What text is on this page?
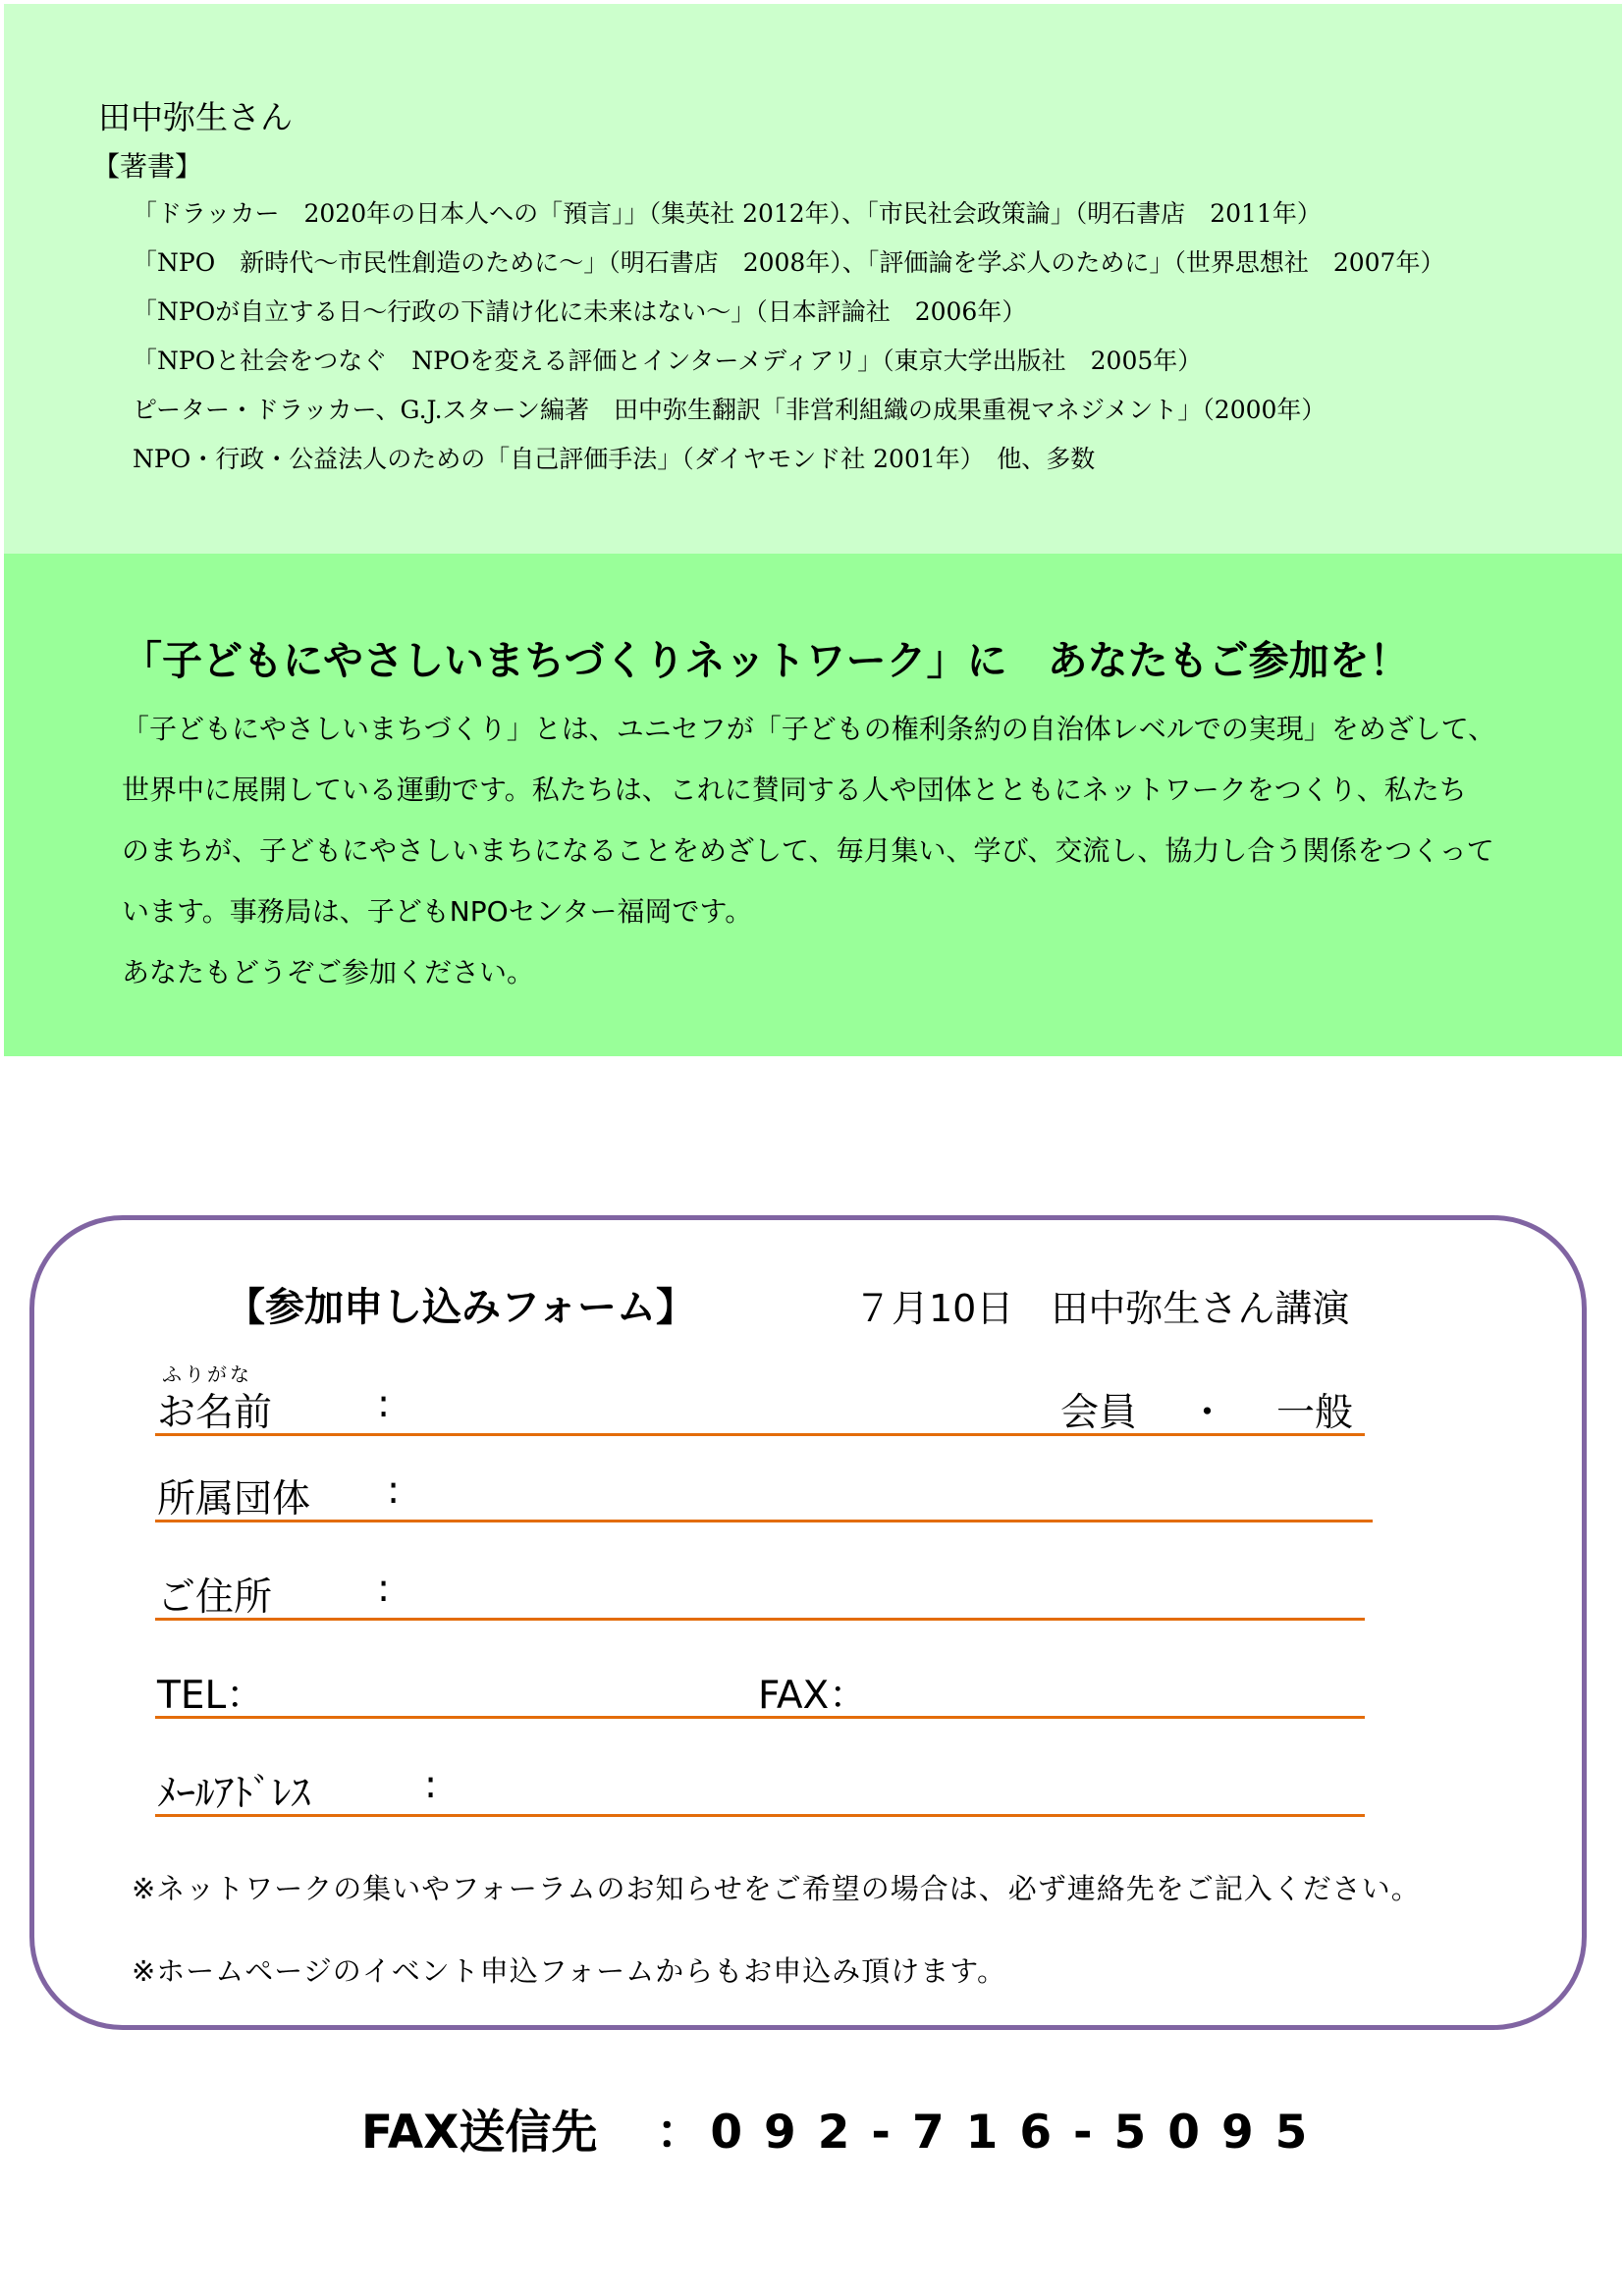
田中弥生さん
【著書】
「ドラッカー　2020年の日本人への「預言」」（集英社 2012年）、「市民社会政策論」（明石書店　2011年）
「NPO　新時代～市民性創造のために～」（明石書店　2008年）、「評価論を学ぶ人のために」（世界思想社　2007年）
「NPOが自立する日～行政の下請け化に未来はない～」（日本評論社　2006年）
「NPOと社会をつなぐ　NPOを変える評価とインターメディアリ」（東京大学出版社　2005年）
ピーター・ドラッカー、G.J.スターン編著　田中弥生翻訳「非営利組織の成果重視マネジメント」（2000年）
NPO・行政・公益法人のための「自己評価手法」（ダイヤモンド社 2001年）　他、多数
「子どもにやさしいまちづくりネットワーク」に　あなたもご参加を！
「子どもにやさしいまちづくり」とは、ユニセフが「子どもの権利条約の自治体レベルでの実現」をめざして、
世界中に展開している運動です。私たちは、これに賛同する人や団体とともにネットワークをつくり、私たち
のまちが、子どもにやさしいまちになることをめざして、毎月集い、学び、交流し、協力し合う関係をつくって
います。事務局は、子どもNPOセンター福岡です。
あなたもどうぞご参加ください。
【参加申し込みフォーム】	７月10日　田中弥生さん講演
ふりがな
お名前	:	会員 ・ 一般
所属団体 :
ご住所	:
TEL：	FAX：
ﾒｰﾙｱﾄﾞﾚｽ	:
※ネットワークの集いやフォーラムのお知らせをご希望の場合は、必ず連絡先をご記入ください。
※ホームページのイベント申込フォームからもお申込み頂けます。
FAX送信先 ： 092-716-5095
